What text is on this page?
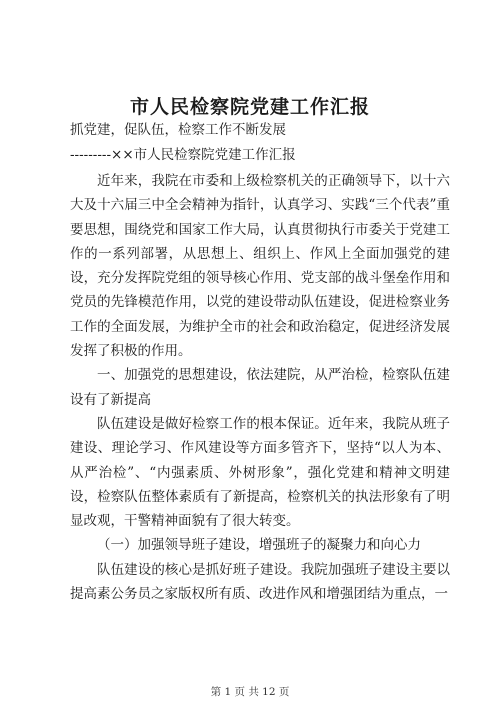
市人民检察院党建工作汇报

抓党建，促队伍，检察工作不断发展

---------××市人民检察院党建工作汇报

近年来，我院在市委和上级检察机关的正确领导下，以十六大及十六届三中全会精神为指针，认真学习、实践“三个代表”重要思想，围绕党和国家工作大局，认真贯彻执行市委关于党建工作的一系列部署，从思想上、组织上、作风上全面加强党的建设，充分发挥院党组的领导核心作用、党支部的战斗堡垒作用和党员的先锋模范作用，以党的建设带动队伍建设，促进检察业务工作的全面发展，为维护全市的社会和政治稳定，促进经济发展发挥了积极的作用。

一、加强党的思想建设，依法建院，从严治检，检察队伍建设有了新提高

队伍建设是做好检察工作的根本保证。近年来，我院从班子建设、理论学习、作风建设等方面多管齐下，坚持“以人为本、从严治检”、“内强素质、外树形象”，强化党建和精神文明建设，检察队伍整体素质有了新提高，检察机关的执法形象有了明显改观，干警精神面貌有了很大转变。

（一）加强领导班子建设，增强班子的凝聚力和向心力

队伍建设的核心是抓好班子建设。我院加强班子建设主要以提高素公务员之家版权所有质、改进作风和增强团结为重点，一

第 1 页 共 12 页
